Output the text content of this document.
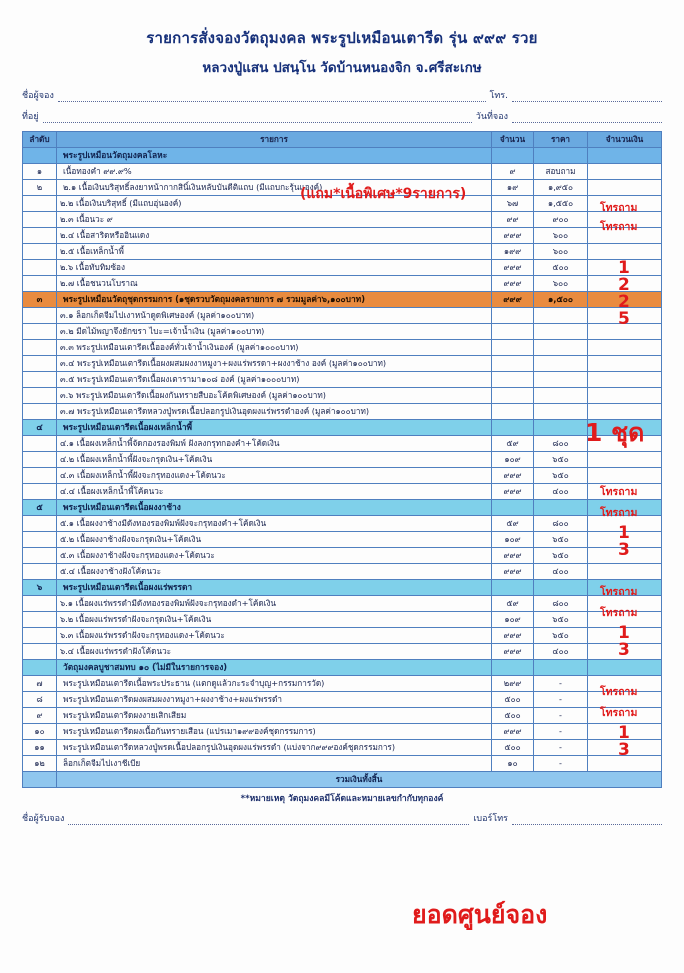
รายการสั่งจองวัตถุมงคล พระรูปเหมือนเตารีด รุ่น ๙๙๙ รวย
หลวงปู่แสน ปสนฺโน วัดบ้านหนองจิก จ.ศรีสะเกษ
ชื่อผู้จอง	โทร.
ที่อยู่	วันที่จอง
ลำดับ	รายการ	จำนวน	ราคา	จำนวนเงิน
	พระรูปเหมือนวัตถุมงคลโลหะ			
๑	เนื้อทองคำ ๙๙.๙%	๙	สอบถาม	
๒	๒.๑ เนื้อเงินบริสุทธิ์ลงยาหน้ากากสินิ์เงินหลับบันดีติแถบ (มีแถบกะรุ้นแองค์)	๑๙	๑,๙๕๐	
	๒.๒ เนื้อเงินบริสุทธิ์ (มีแถบอุ่นองค์)	๖๗	๑,๕๕๐	
	๒.๓ เนื้อนวะ ๙	๙๙	๙๐๐	
	๒.๔ เนื้อสาริดหรืออินแดง	๙๙๙	๖๐๐	
	๒.๕ เนื้อเหล็กน้ำพี้	๑๙๙	๖๐๐	
	๒.๖ เนื้อทับทิมซ้อง	๙๙๙	๕๐๐	
	๒.๗ เนื้อชนวนโบราณ	๙๙๙	๖๐๐	
๓	พระรูปเหมือนวัตถุชุดกรรมการ (๑ชุดรวบวัตถุมงคลรายการ ๗ รวมมูลค่า๖,๑๐๐บาท)	๙๙๙	๑,๕๐๐	
	๓.๑ ล็อกเก็ตจีมไปเงาหน้าดูดพิเศษองค์ (มูลค่า๑๐๐บาท)			
	๓.๒ มีดไม้พญาจึงยักขรา ไบะ=เจ้าน้ำเงิน (มูลค่า๑๐๐บาท)			
	๓.๓ พระรูปเหมือนเตารีดเนื้อองค์ทั่วเจ้าน้ำเงินองค์ (มูลค่า๑๐๐๐บาท)			
	๓.๔ พระรูปเหมือนเตารีดเนื้อผงผสมผงงาหมูงา+ผงแร่พรรดา+ผงงาช้าง องค์ (มูลค่า๑๐๐บาท)			
	๓.๕ พระรูปเหมือนเตารีดเนื้อผงเตารามา๑๐๘ องค์ (มูลค่า๑๐๐๐บาท)			
	๓.๖ พระรูปเหมือนเตารีดเนื้อผงกันทรายสืบอะโค้ดพิเศษองค์ (มูลค่า๑๐๐บาท)			
	๓.๗ พระรูปเหมือนเตารีดหลวงปู่พรดเนื้อปลอกรูปเงินอุดผงแร่พรรดำองค์ (มูลค่า๑๐๐บาท)			
๔	พระรูปเหมือนเตารีดเนื้อผงเหล็กน้ำพี้			
	๔.๑ เนื้อผงเหล็กน้ำพี้จัดกองรองพิมพ์ ฝังลงกรุทกองคำ+โค้ดเงิน	๕๙	๘๐๐	
	๔.๒ เนื้อผงเหล็กน้ำพี้ฝังจะกรุดเงิน+โค้ดเงิน	๑๐๙	๖๕๐	
	๔.๓ เนื้อผงเหล็กน้ำพี้ฝังจะกรุทองแดง+โค้ดนวะ	๙๙๙	๖๕๐	
	๔.๔ เนื้อผงเหล็กน้ำพี้โค้ดนวะ	๙๙๙	๔๐๐	
๕	พระรูปเหมือนเตารีดเนื้อผงงาช้าง			
	๕.๑ เนื้อผงงาช้างมีดังทองรองพิมพ์ฝังจะกรุทองคำ+โค้ดเงิน	๕๙	๘๐๐	
	๕.๒ เนื้อผงงาช้างฝังจะกรุดเงิน+โค้ดเงิน	๑๐๙	๖๕๐	
	๕.๓ เนื้อผงงาช้างฝังจะกรุทองแดง+โค้ดนวะ	๙๙๙	๖๕๐	
	๕.๔ เนื้อผงงาช้างฝังโค้ดนวะ	๙๙๙	๔๐๐	
๖	พระรูปเหมือนเตารีดเนื้อผงแร่พรรดา			
	๖.๑ เนื้อผงแร่พรรดำมีดังทองรองพิมพ์ฝังจะกรุทองดำ+โค้ดเงิน	๕๙	๘๐๐	
	๖.๒ เนื้อผงแร่พรรดำฝังจะกรุดเงิน+โค้ดเงิน	๑๐๙	๖๕๐	
	๖.๓ เนื้อผงแร่พรรดำฝังจะกรุทองแดง+โค้ดนวะ	๙๙๙	๖๕๐	
	๖.๔ เนื้อผงแร่พรรดำฝังโค้ดนวะ	๙๙๙	๔๐๐	
	วัตถุมงคลบูชาสมทบ ๑๐ (ไม่มีในรายการจอง)			
๗	พระรูปเหมือนเตารีดเนื้อพระประธาน (แตกดูแล้วกะระจำบุญ+กรรมการวัด)	๒๙๙	-	
๘	พระรูปเหมือนเตารีดผงผสมผงงาหมูงา+ผงงาช้าง+ผงแร่พรรดำ	๕๐๐	-	
๙	พระรูปเหมือนเตารีดผงงายเสิกเสียม	๕๐๐	-	
๑๐	พระรูปเหมือนเตารีดผงเนื้อกันทรายเสือน (แปรเมา๑๙๙องค์ชุดกรรมการ)	๙๙๙	-	
๑๑	พระรูปเหมือนเตารีดหลวงปู่พรดเนื้อปลอกรูปเงินอุดผงแร่พรรดำ (แบ่งจาก๙๙๙องค์ชุดกรรมการ)	๕๐๐	-	
๑๒	ล็อกเก็ตจีมไปเงาชีเบีย	๑๐	-	
	รวมเงินทั้งสิ้น			
**หมายเหตุ วัตถุมงคลมีโค้ดและหมายเลขกำกับทุกองค์
ชื่อผู้รับจอง	เบอร์โทร
(แถม*เนื้อพิเศษ*9รายการ)
โทรถาม
โทรถาม
1
2
2
5
1 ชุด
โทรถาม
โทรถาม
1
3
โทรถาม
โทรถาม
1
3
โทรถาม
โทรถาม
1
3
ยอดศูนย์จอง
